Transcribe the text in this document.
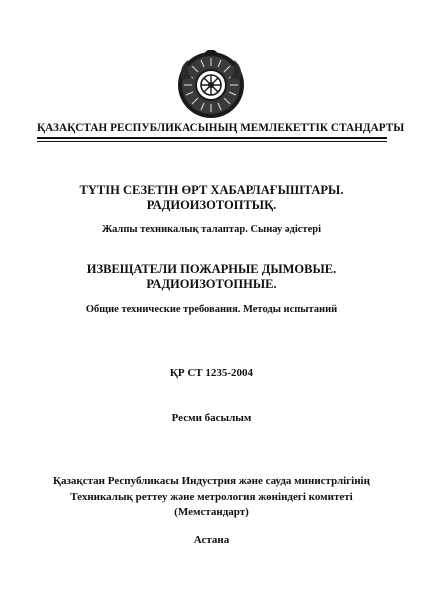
ҚАЗАҚСТАН РЕСПУБЛИКАСЫНЫҢ МЕМЛЕКЕТТІК СТАНДАРТЫ
ТҮТІН СЕЗЕТІН ӨРТ ХАБАРЛАҒЫШТАРЫ.
РАДИОИЗОТОПТЫҚ.
Жалпы техникалық талаптар. Сынау әдістері
ИЗВЕЩАТЕЛИ ПОЖАРНЫЕ ДЫМОВЫЕ.
РАДИОИЗОТОПНЫЕ.
Общие технические требования. Методы испытаний
ҚР СТ 1235-2004
Ресми басылым
Қазақстан Республикасы Индустрия және сауда министрлігінің
Техникалық реттеу және метрология жөніндегі комитеті
(Мемстандарт)
Астана
